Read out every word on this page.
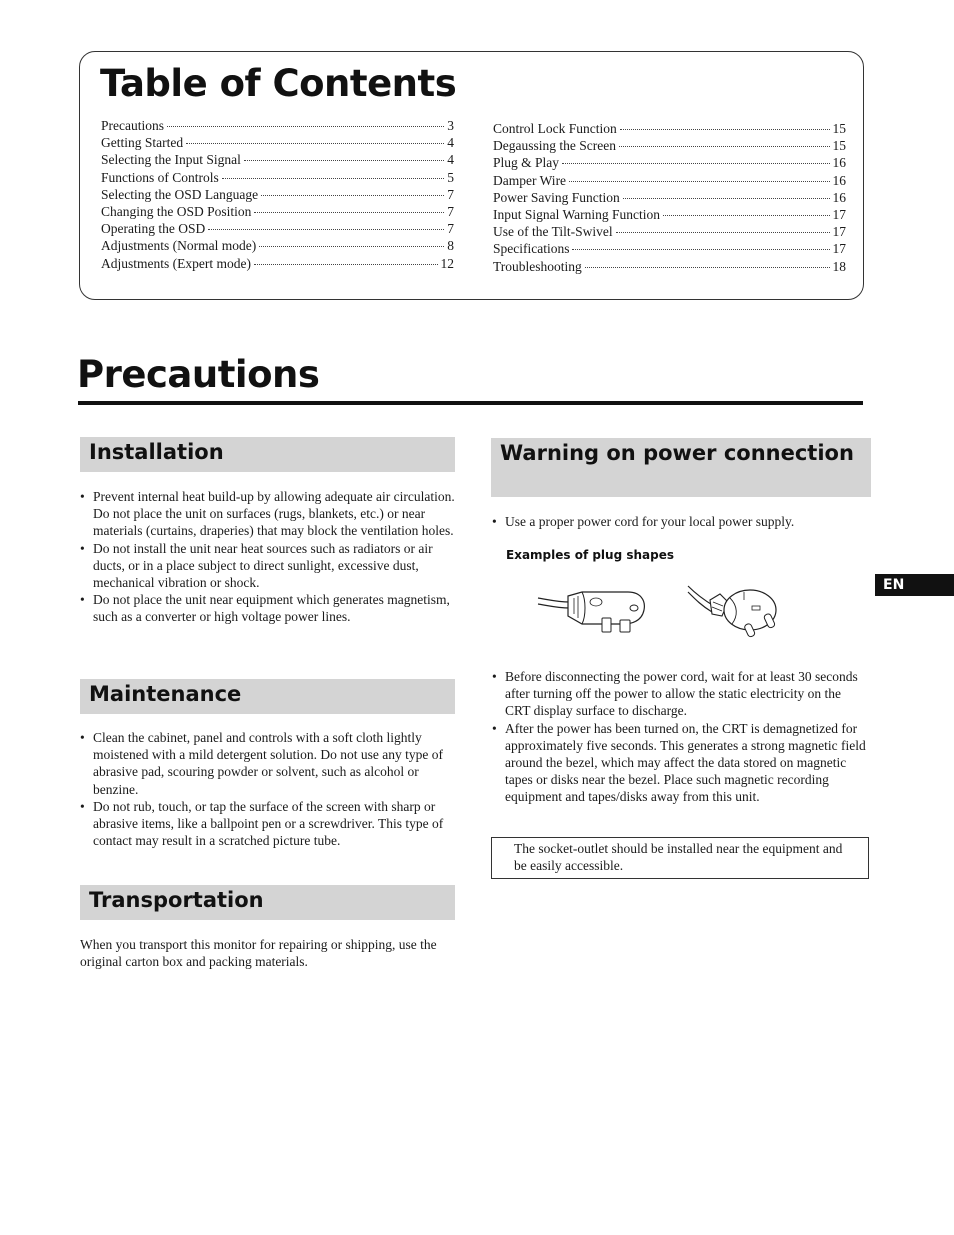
Table of Contents
Precautions	3
Getting Started	4
Selecting the Input Signal	4
Functions of Controls	5
Selecting the OSD Language	7
Changing the OSD Position	7
Operating the OSD	7
Adjustments (Normal mode)	8
Adjustments (Expert mode)	12
Control Lock Function	15
Degaussing the Screen	15
Plug & Play	16
Damper Wire	16
Power Saving Function	16
Input Signal Warning Function	17
Use of the Tilt-Swivel	17
Specifications	17
Troubleshooting	18
Precautions
Installation
• Prevent internal heat build-up by allowing adequate air circulation. Do not place the unit on surfaces (rugs, blankets, etc.) or near materials (curtains, draperies) that may block the ventilation holes.
• Do not install the unit near heat sources such as radiators or air ducts, or in a place subject to direct sunlight, excessive dust, mechanical vibration or shock.
• Do not place the unit near equipment which generates magnetism, such as a converter or high voltage power lines.
Maintenance
• Clean the cabinet, panel and controls with a soft cloth lightly moistened with a mild detergent solution. Do not use any type of abrasive pad, scouring powder or solvent, such as alcohol or benzine.
• Do not rub, touch, or tap the surface of the screen with sharp or abrasive items, like a ballpoint pen or a screwdriver. This type of contact may result in a scratched picture tube.
Transportation

When you transport this monitor for repairing or shipping, use the original carton box and packing materials.

Warning on power connection
• Use a proper power cord for your local power supply.
Examples of plug shapes
• Before disconnecting the power cord, wait for at least 30 seconds after turning off the power to allow the static electricity on the CRT display surface to discharge.
• After the power has been turned on, the CRT is demagnetized for approximately five seconds. This generates a strong magnetic field around the bezel, which may affect the data stored on magnetic tapes or disks near the bezel. Place such magnetic recording equipment and tapes/disks away from this unit.
The socket-outlet should be installed near the equipment and be easily accessible.
EN
